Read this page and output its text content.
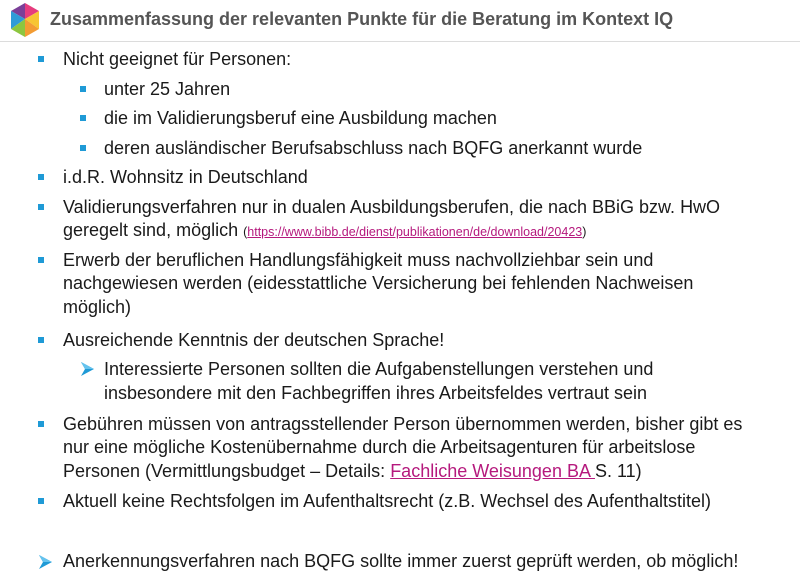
Zusammenfassung der relevanten Punkte für die Beratung im Kontext IQ
Nicht geeignet für Personen:
unter 25 Jahren
die im Validierungsberuf eine Ausbildung machen
deren ausländischer Berufsabschluss nach BQFG anerkannt wurde
i.d.R. Wohnsitz in Deutschland
Validierungsverfahren nur in dualen Ausbildungsberufen, die nach BBiG bzw. HwO
geregelt sind, möglich (https://www.bibb.de/dienst/publikationen/de/download/20423)
Erwerb der beruflichen Handlungsfähigkeit muss nachvollziehbar sein und
nachgewiesen werden (eidesstattliche Versicherung bei fehlenden Nachweisen
möglich)
Ausreichende Kenntnis der deutschen Sprache!
Interessierte Personen sollten die Aufgabenstellungen verstehen und
insbesondere mit den Fachbegriffen ihres Arbeitsfeldes vertraut sein
Gebühren müssen von antragsstellender Person übernommen werden, bisher gibt es
nur eine mögliche Kostenübernahme durch die Arbeitsagenturen für arbeitslose
Personen (Vermittlungsbudget – Details: Fachliche Weisungen BA S. 11)
Aktuell keine Rechtsfolgen im Aufenthaltsrecht (z.B. Wechsel des Aufenthaltstitel)
Anerkennungsverfahren nach BQFG sollte immer zuerst geprüft werden, ob möglich!
